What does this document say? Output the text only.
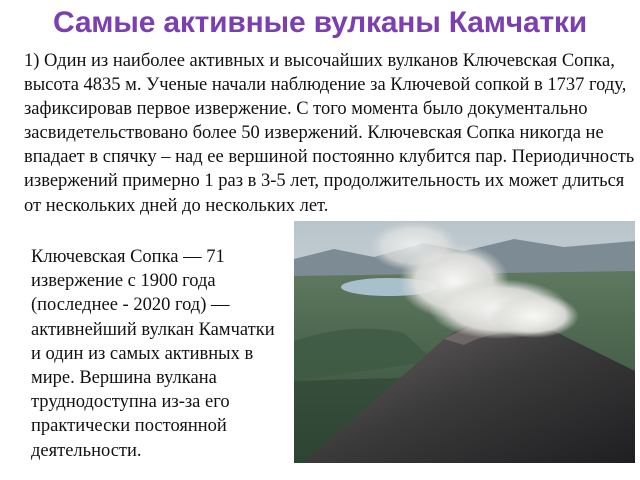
Самые активные вулканы Камчатки

1) Один из наиболее активных и высочайших вулканов Ключевская Сопка, высота 4835 м. Ученые начали наблюдение за Ключевой сопкой в 1737 году, зафиксировав первое извержение. С того момента было документально засвидетельствовано более 50 извержений. Ключевская Сопка никогда не впадает в спячку – над ее вершиной постоянно клубится пар. Периодичность извержений примерно 1 раз в 3-5 лет, продолжительность их может длиться от нескольких дней до нескольких лет.

Ключевская Сопка — 71 извержение с 1900 года (последнее - 2020 год) — активнейший вулкан Камчатки и один из самых активных в мире. Вершина вулкана труднодоступна из-за его практически постоянной деятельности.
